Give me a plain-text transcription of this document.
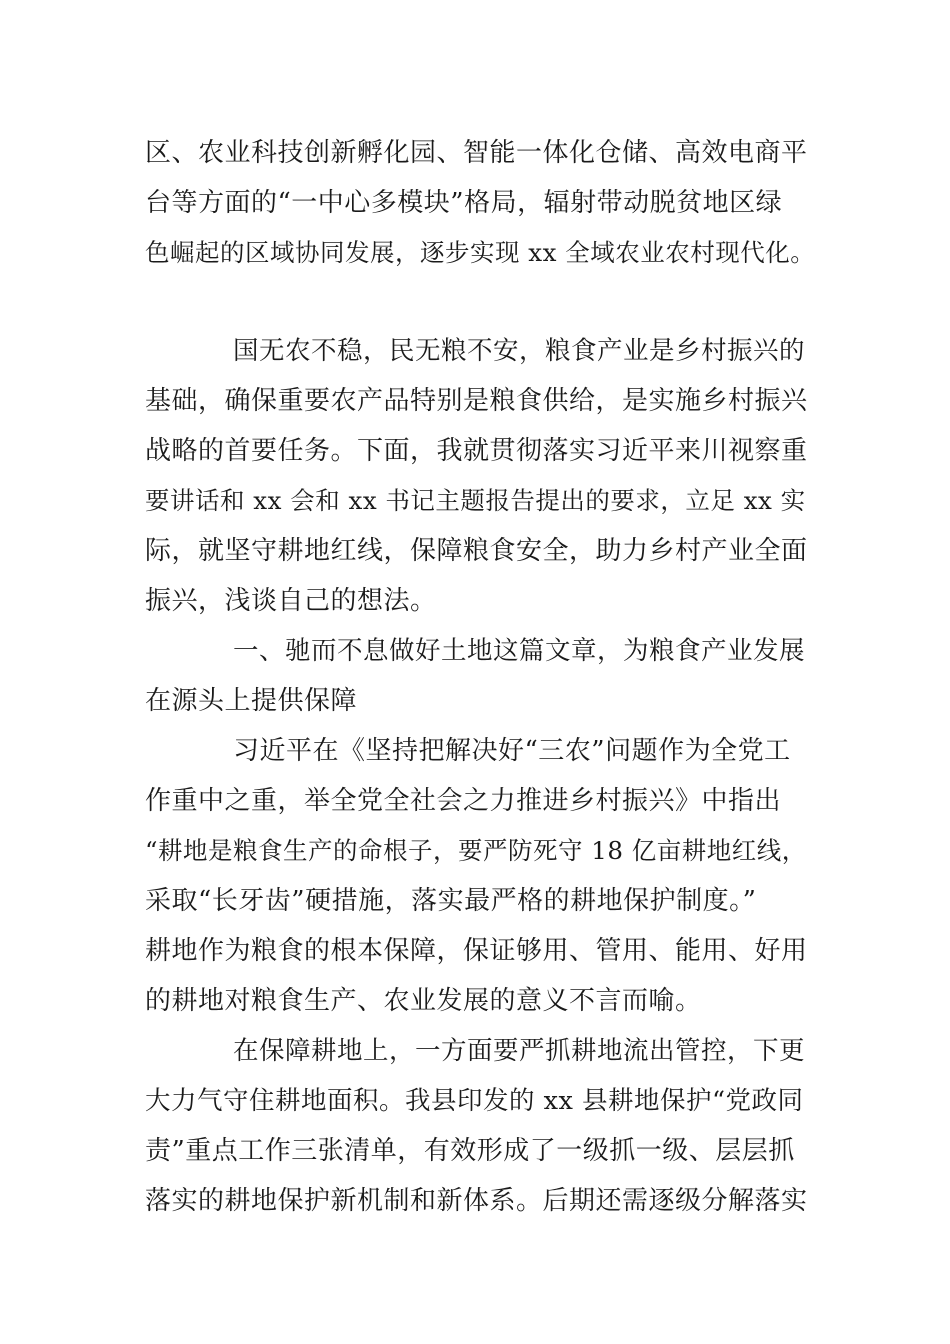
区、农业科技创新孵化园、智能一体化仓储、高效电商平
台等方面的“一中心多模块”格局，辐射带动脱贫地区绿
色崛起的区域协同发展，逐步实现 xx 全域农业农村现代化。
国无农不稳，民无粮不安，粮食产业是乡村振兴的
基础，确保重要农产品特别是粮食供给，是实施乡村振兴
战略的首要任务。下面，我就贯彻落实习近平来川视察重
要讲话和 xx 会和 xx 书记主题报告提出的要求，立足 xx 实
际，就坚守耕地红线，保障粮食安全，助力乡村产业全面
振兴，浅谈自己的想法。
一、驰而不息做好土地这篇文章，为粮食产业发展
在源头上提供保障
习近平在《坚持把解决好“三农”问题作为全党工
作重中之重，举全党全社会之力推进乡村振兴》中指出
“耕地是粮食生产的命根子，要严防死守 18 亿亩耕地红线，
采取“长牙齿”硬措施，落实最严格的耕地保护制度。”
耕地作为粮食的根本保障，保证够用、管用、能用、好用
的耕地对粮食生产、农业发展的意义不言而喻。
在保障耕地上，一方面要严抓耕地流出管控，下更
大力气守住耕地面积。我县印发的 xx 县耕地保护“党政同
责”重点工作三张清单，有效形成了一级抓一级、层层抓
落实的耕地保护新机制和新体系。后期还需逐级分解落实
